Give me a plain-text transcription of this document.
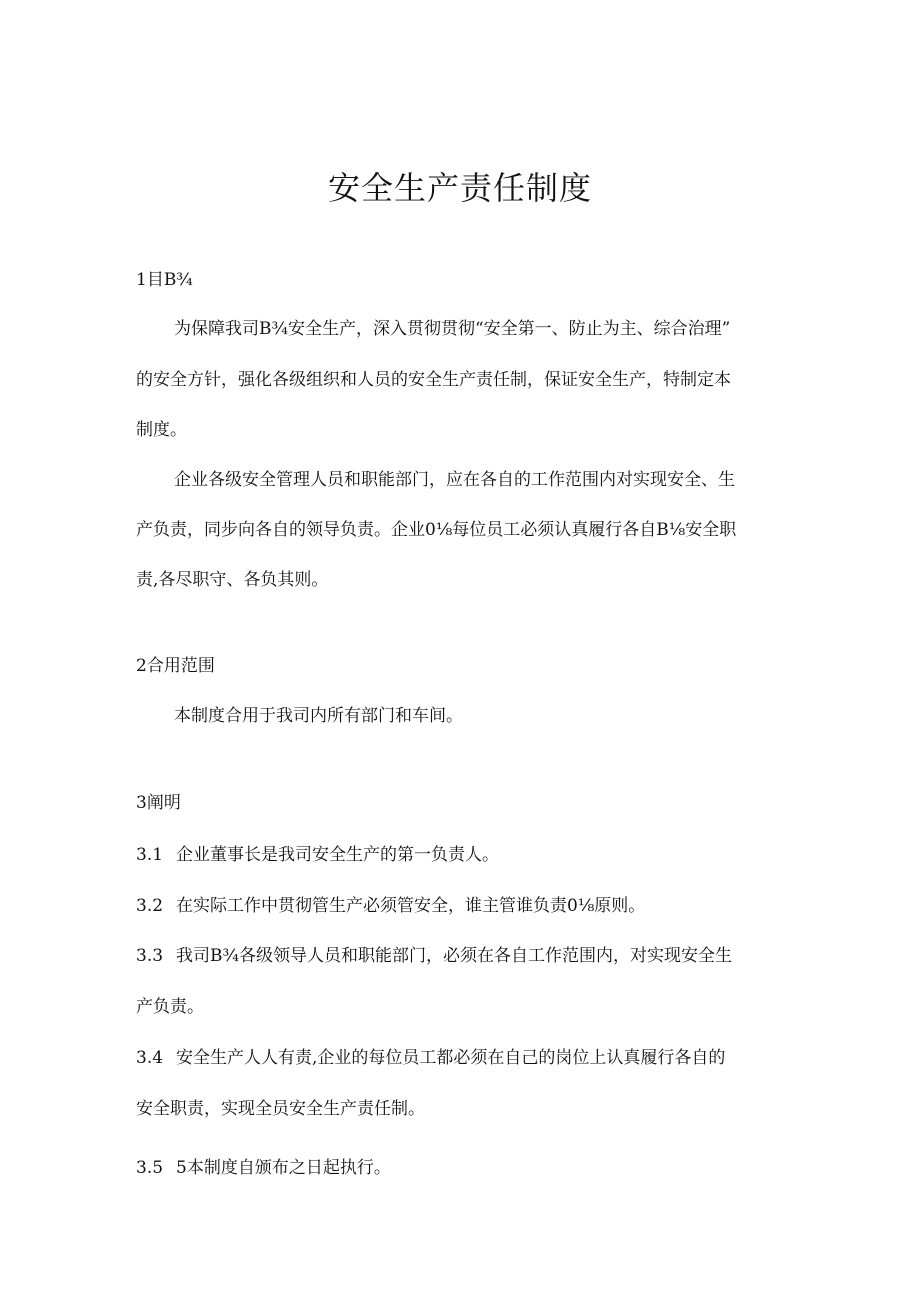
安全生产责任制度

1目B¾

为保障我司B¾安全生产，深入贯彻贯彻“安全第一、防止为主、综合治理”

的安全方针，强化各级组织和人员的安全生产责任制，保证安全生产，特制定本

制度。

企业各级安全管理人员和职能部门，应在各自的工作范围内对实现安全、生

产负责，同步向各自的领导负责。企业0⅛每位员工必须认真履行各自B⅛安全职

责,各尽职守、各负其则。

2合用范围

本制度合用于我司内所有部门和车间。

3阐明

3.1 企业董事长是我司安全生产的第一负责人。

3.2 在实际工作中贯彻管生产必须管安全，谁主管谁负责0⅛原则。

3.3 我司B¾各级领导人员和职能部门，必须在各自工作范围内，对实现安全生

产负责。

3.4 安全生产人人有责,企业的每位员工都必须在自己的岗位上认真履行各自的

安全职责，实现全员安全生产责任制。

3.5 5本制度自颁布之日起执行。
